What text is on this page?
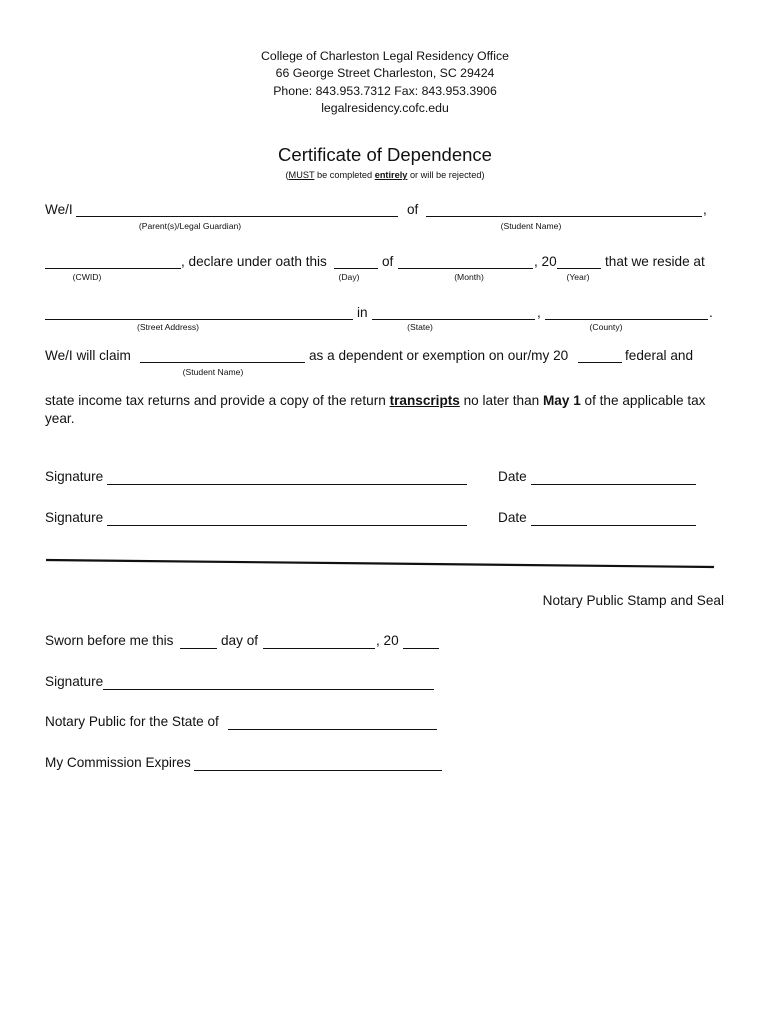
College of Charleston Legal Residency Office
66 George Street Charleston, SC 29424
Phone: 843.953.7312 Fax: 843.953.3906
legalresidency.cofc.edu
Certificate of Dependence
(MUST be completed entirely or will be rejected)
We/I	of	,
(Parent(s)/Legal Guardian)	(Student Name)
, declare under oath this	of	, 20	that we reside at
(CWID)	(Day)	(Month)	(Year)
in	,	.
(Street Address)	(State)	(County)
We/I will claim	as a dependent or exemption on our/my 20	federal and
(Student Name)
state income tax returns and provide a copy of the return transcripts no later than May 1 of the applicable tax
year.
Signature	Date
Signature	Date
Notary Public Stamp and Seal
Sworn before me this	day of	, 20
Signature
Notary Public for the State of
My Commission Expires
